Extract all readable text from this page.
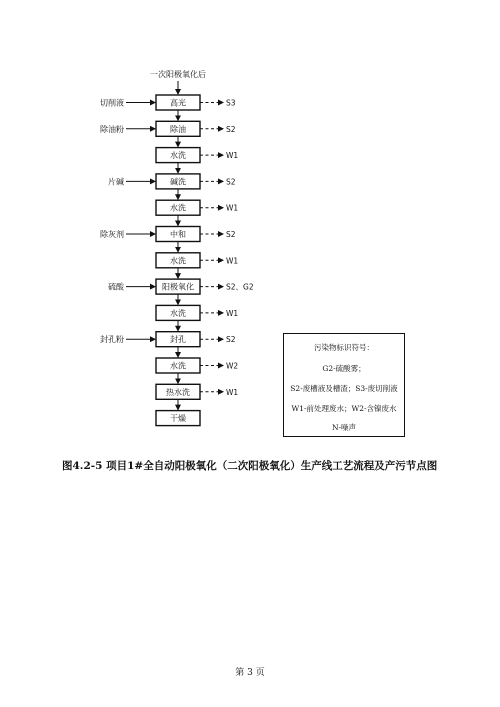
一次阳极氧化后
高光
切削液	S3
除油
除油粉	S2
水洗	W1
碱洗
片碱	S2
水洗	W1
中和
除灰剂	S2
水洗	W1
阳极氧化
硫酸	S2、G2
水洗	W1
封孔
封孔粉	S2
水洗	W2
热水洗	W1
干燥
污染物标识符号：
G2-硫酸雾；
S2-废槽液及槽渣；S3-废切削液
W1-前处理废水；W2-含镍废水
N-噪声
图4.2-5 项目1#全自动阳极氧化（二次阳极氧化）生产线工艺流程及产污节点图
第 3 页
